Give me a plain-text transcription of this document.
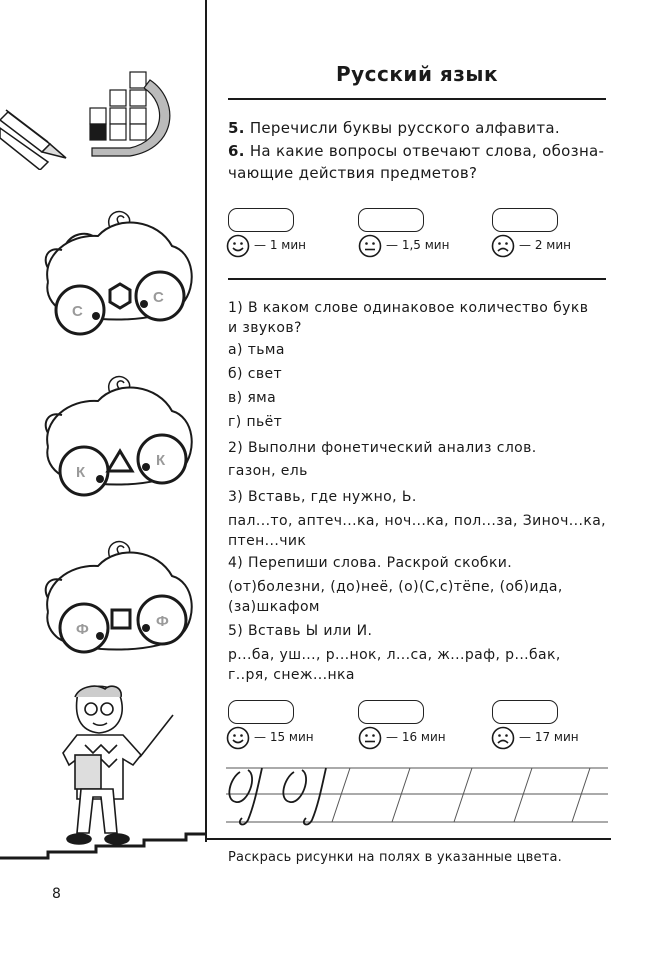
С
С
К
К
Ф	Ф
Русский язык
5. Перечисли буквы русского алфавита.
6. На какие вопросы отвечают слова, обозна-
чающие действия предметов?
— 1 мин	— 1,5 мин	— 2 мин
1) В каком слове одинаковое количество букв
и звуков?
а) тьма
б) свет
в) яма
г) пьёт
2) Выполни фонетический анализ слов.
газон, ель
3) Вставь, где нужно, Ь.
пал...то, аптеч...ка, ноч...ка, пол...за, Зиноч...ка,
птен...чик
4) Перепиши слова. Раскрой скобки.
(от)болезни, (до)неё, (о)(С,с)тёпе, (об)ида,
(за)шкафом
5) Вставь Ы или И.
р...ба, уш..., р...нок, л...са, ж...раф, р...бак,
г..ря, снеж...нка
— 15 мин	— 16 мин	— 17 мин
Раскрась рисунки на полях в указанные цвета.
8
